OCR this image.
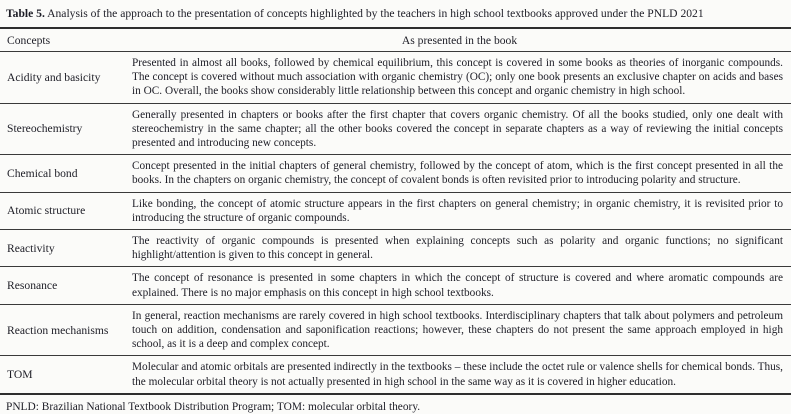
Table 5. Analysis of the approach to the presentation of concepts highlighted by the teachers in high school textbooks approved under the PNLD 2021
Concepts	As presented in the book
Acidity and basicity	Presented in almost all books, followed by chemical equilibrium, this concept is covered in some books as theories of inorganic compounds. The concept is covered without much association with organic chemistry (OC); only one book presents an exclusive chapter on acids and bases in OC. Overall, the books show considerably little relationship between this concept and organic chemistry in high school.
Stereochemistry	Generally presented in chapters or books after the first chapter that covers organic chemistry. Of all the books studied, only one dealt with stereochemistry in the same chapter; all the other books covered the concept in separate chapters as a way of reviewing the initial concepts presented and introducing new concepts.
Chemical bond	Concept presented in the initial chapters of general chemistry, followed by the concept of atom, which is the first concept presented in all the books. In the chapters on organic chemistry, the concept of covalent bonds is often revisited prior to introducing polarity and structure.
Atomic structure	Like bonding, the concept of atomic structure appears in the first chapters on general chemistry; in organic chemistry, it is revisited prior to introducing the structure of organic compounds.
Reactivity	The reactivity of organic compounds is presented when explaining concepts such as polarity and organic functions; no significant highlight/attention is given to this concept in general.
Resonance	The concept of resonance is presented in some chapters in which the concept of structure is covered and where aromatic compounds are explained. There is no major emphasis on this concept in high school textbooks.
Reaction mechanisms	In general, reaction mechanisms are rarely covered in high school textbooks. Interdisciplinary chapters that talk about polymers and petroleum touch on addition, condensation and saponification reactions; however, these chapters do not present the same approach employed in high school, as it is a deep and complex concept.
TOM	Molecular and atomic orbitals are presented indirectly in the textbooks – these include the octet rule or valence shells for chemical bonds. Thus, the molecular orbital theory is not actually presented in high school in the same way as it is covered in higher education.
PNLD: Brazilian National Textbook Distribution Program; TOM: molecular orbital theory.
